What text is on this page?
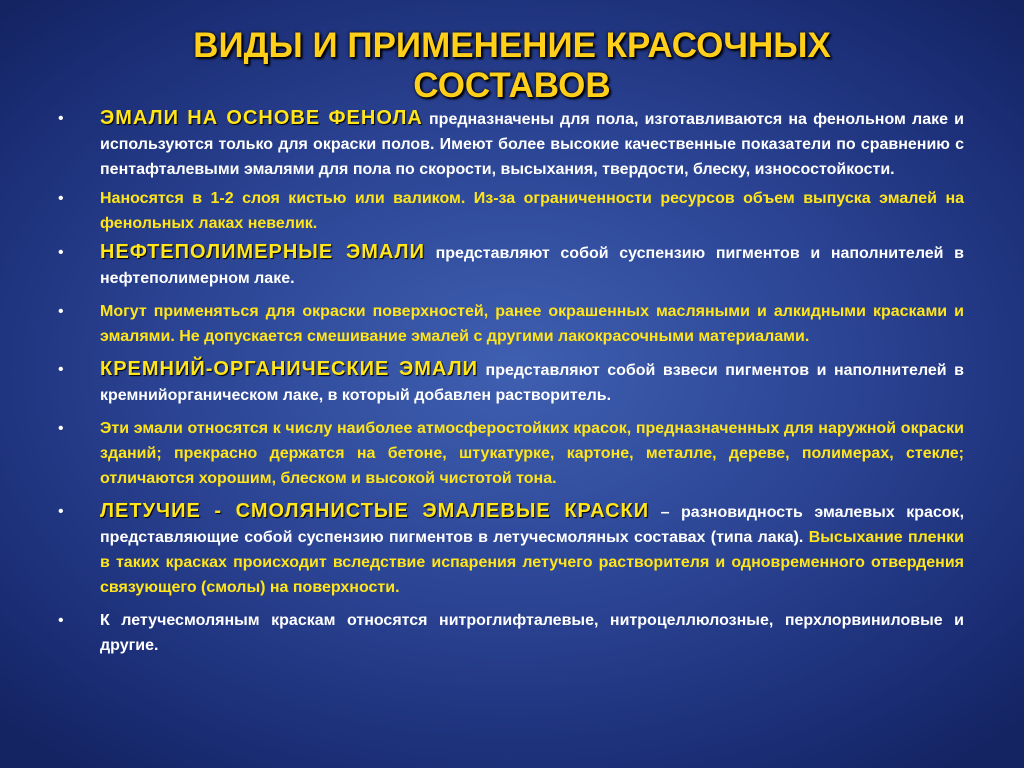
ВИДЫ И ПРИМЕНЕНИЕ КРАСОЧНЫХ
СОСТАВОВ
• ЭМАЛИ НА ОСНОВЕ ФЕНОЛА предназначены для пола, изготавливаются на фенольном лаке и используются только для окраски полов. Имеют более высокие качественные показатели по сравнению с пентафталевыми эмалями для пола по скорости, высыхания, твердости, блеску, износостойкости.
• Наносятся в 1-2 слоя кистью или валиком. Из-за ограниченности ресурсов объем выпуска эмалей на фенольных лаках невелик.
• НЕФТЕПОЛИМЕРНЫЕ ЭМАЛИ представляют собой суспензию пигментов и наполнителей в нефтеполимерном лаке.
• Могут применяться для окраски поверхностей, ранее окрашенных масляными и алкидными красками и эмалями. Не допускается смешивание эмалей с другими лакокрасочными материалами.
• КРЕМНИЙ-ОРГАНИЧЕСКИЕ ЭМАЛИ представляют собой взвеси пигментов и наполнителей в кремнийорганическом лаке, в который добавлен растворитель.
• Эти эмали относятся к числу наиболее атмосферостойких красок, предназначенных для наружной окраски зданий; прекрасно держатся на бетоне, штукатурке, картоне, металле, дереве, полимерах, стекле; отличаются хорошим, блеском и высокой чистотой тона.
• ЛЕТУЧИЕ - СМОЛЯНИСТЫЕ ЭМАЛЕВЫЕ КРАСКИ – разновидность эмалевых красок, представляющие собой суспензию пигментов в летучесмоляных составах (типа лака). Высыхание пленки в таких красках происходит вследствие испарения летучего растворителя и одновременного отвердения связующего (смолы) на поверхности.
• К летучесмоляным краскам относятся нитроглифталевые, нитроцеллюлозные, перхлорвиниловые и другие.
